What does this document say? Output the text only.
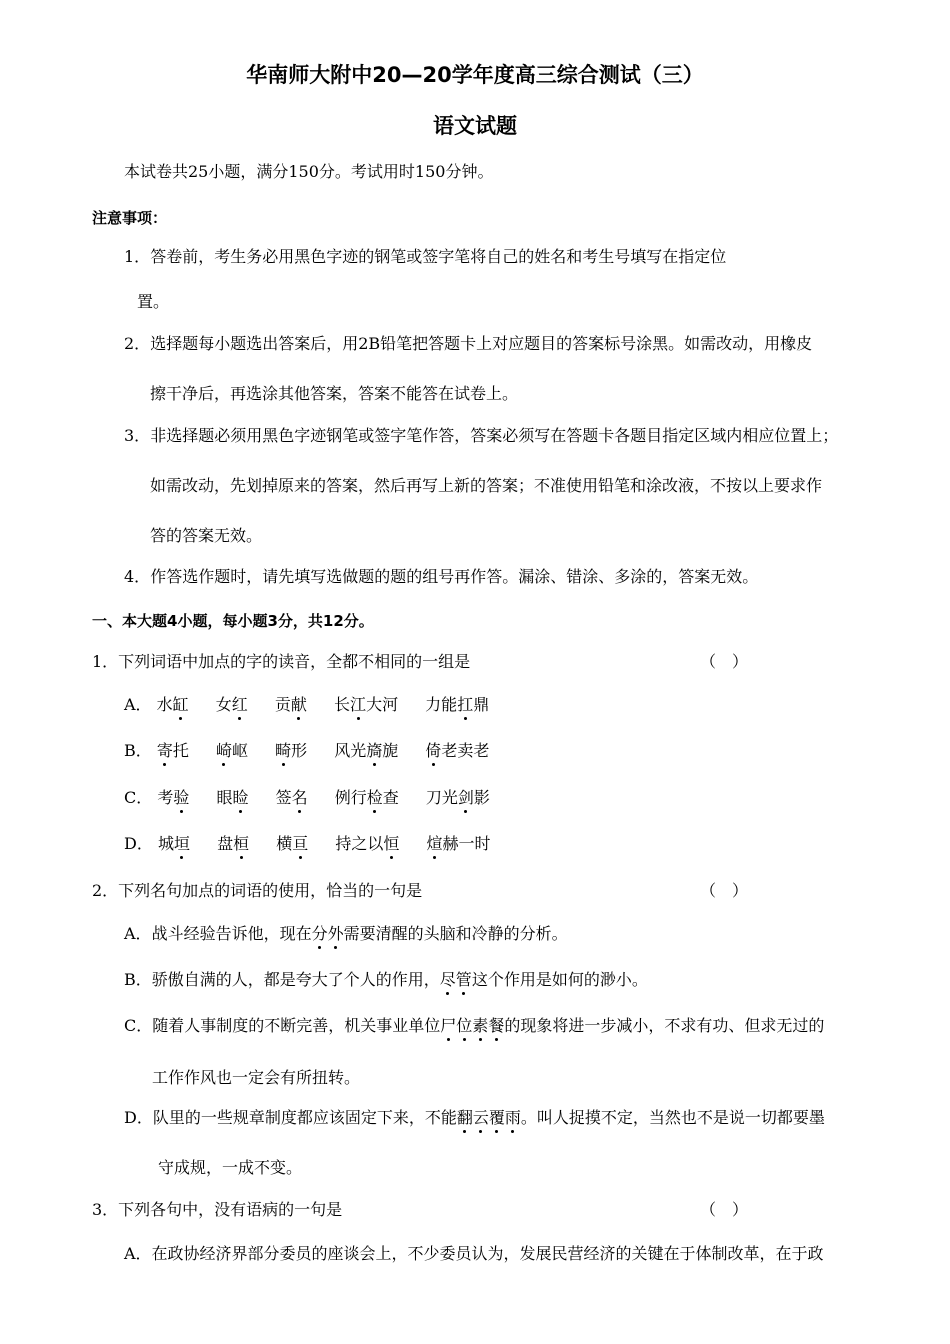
华南师大附中20—20学年度高三综合测试（三）
语文试题
本试卷共25小题，满分150分。考试用时150分钟。
注意事项：
1．答卷前，考生务必用黑色字迹的钢笔或签字笔将自己的姓名和考生号填写在指定位
置。
2．选择题每小题选出答案后，用2B铅笔把答题卡上对应题目的答案标号涂黑。如需改动，用橡皮
擦干净后，再选涂其他答案，答案不能答在试卷上。
3．非选择题必须用黑色字迹钢笔或签字笔作答，答案必须写在答题卡各题目指定区域内相应位置上；
如需改动，先划掉原来的答案，然后再写上新的答案；不准使用铅笔和涂改液，不按以上要求作
答的答案无效。
4．作答选作题时，请先填写选做题的题的组号再作答。漏涂、错涂、多涂的，答案无效。
一、本大题4小题，每小题3分，共12分。
1．下列词语中加点的字的读音，全都不相同的一组是	（　）
A． 水缸 女红 贡献 长江大河 力能扛鼎
B． 寄托 崎岖 畸形 风光旖旎 倚老卖老
C． 考验 眼睑 签名 例行检查 刀光剑影
D． 城垣 盘桓 横亘 持之以恒 煊赫一时
2．下列名句加点的词语的使用，恰当的一句是	（　）
A．战斗经验告诉他，现在分外需要清醒的头脑和冷静的分析。
B．骄傲自满的人，都是夸大了个人的作用，尽管这个作用是如何的渺小。
C．随着人事制度的不断完善，机关事业单位尸位素餐的现象将进一步减小，不求有功、但求无过的
工作作风也一定会有所扭转。
D．队里的一些规章制度都应该固定下来，不能翻云覆雨。叫人捉摸不定，当然也不是说一切都要墨
守成规，一成不变。
3．下列各句中，没有语病的一句是	（　）
A．在政协经济界部分委员的座谈会上，不少委员认为，发展民营经济的关键在于体制改革，在于政
